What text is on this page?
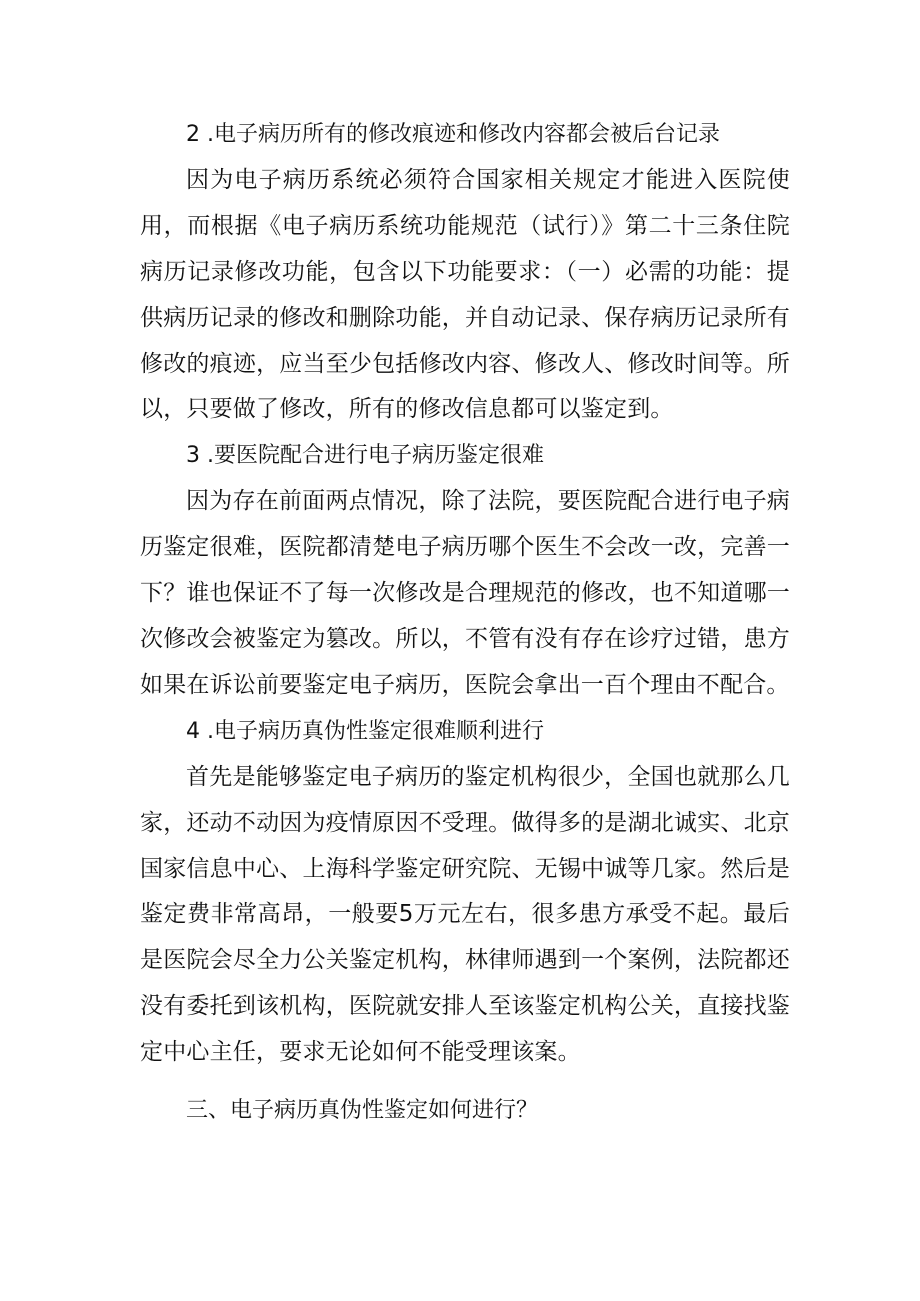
2 .电子病历所有的修改痕迹和修改内容都会被后台记录

因为电子病历系统必须符合国家相关规定才能进入医院使用，而根据《电子病历系统功能规范（试行）》第二十三条住院病历记录修改功能，包含以下功能要求：（一）必需的功能：提供病历记录的修改和删除功能，并自动记录、保存病历记录所有修改的痕迹，应当至少包括修改内容、修改人、修改时间等。所以，只要做了修改，所有的修改信息都可以鉴定到。

3 .要医院配合进行电子病历鉴定很难

因为存在前面两点情况，除了法院，要医院配合进行电子病历鉴定很难，医院都清楚电子病历哪个医生不会改一改，完善一下？谁也保证不了每一次修改是合理规范的修改，也不知道哪一次修改会被鉴定为篡改。所以，不管有没有存在诊疗过错，患方如果在诉讼前要鉴定电子病历，医院会拿出一百个理由不配合。

4 .电子病历真伪性鉴定很难顺利进行

首先是能够鉴定电子病历的鉴定机构很少，全国也就那么几家，还动不动因为疫情原因不受理。做得多的是湖北诚实、北京国家信息中心、上海科学鉴定研究院、无锡中诚等几家。然后是鉴定费非常高昂，一般要5万元左右，很多患方承受不起。最后是医院会尽全力公关鉴定机构，林律师遇到一个案例，法院都还没有委托到该机构，医院就安排人至该鉴定机构公关，直接找鉴定中心主任，要求无论如何不能受理该案。

三、电子病历真伪性鉴定如何进行？
